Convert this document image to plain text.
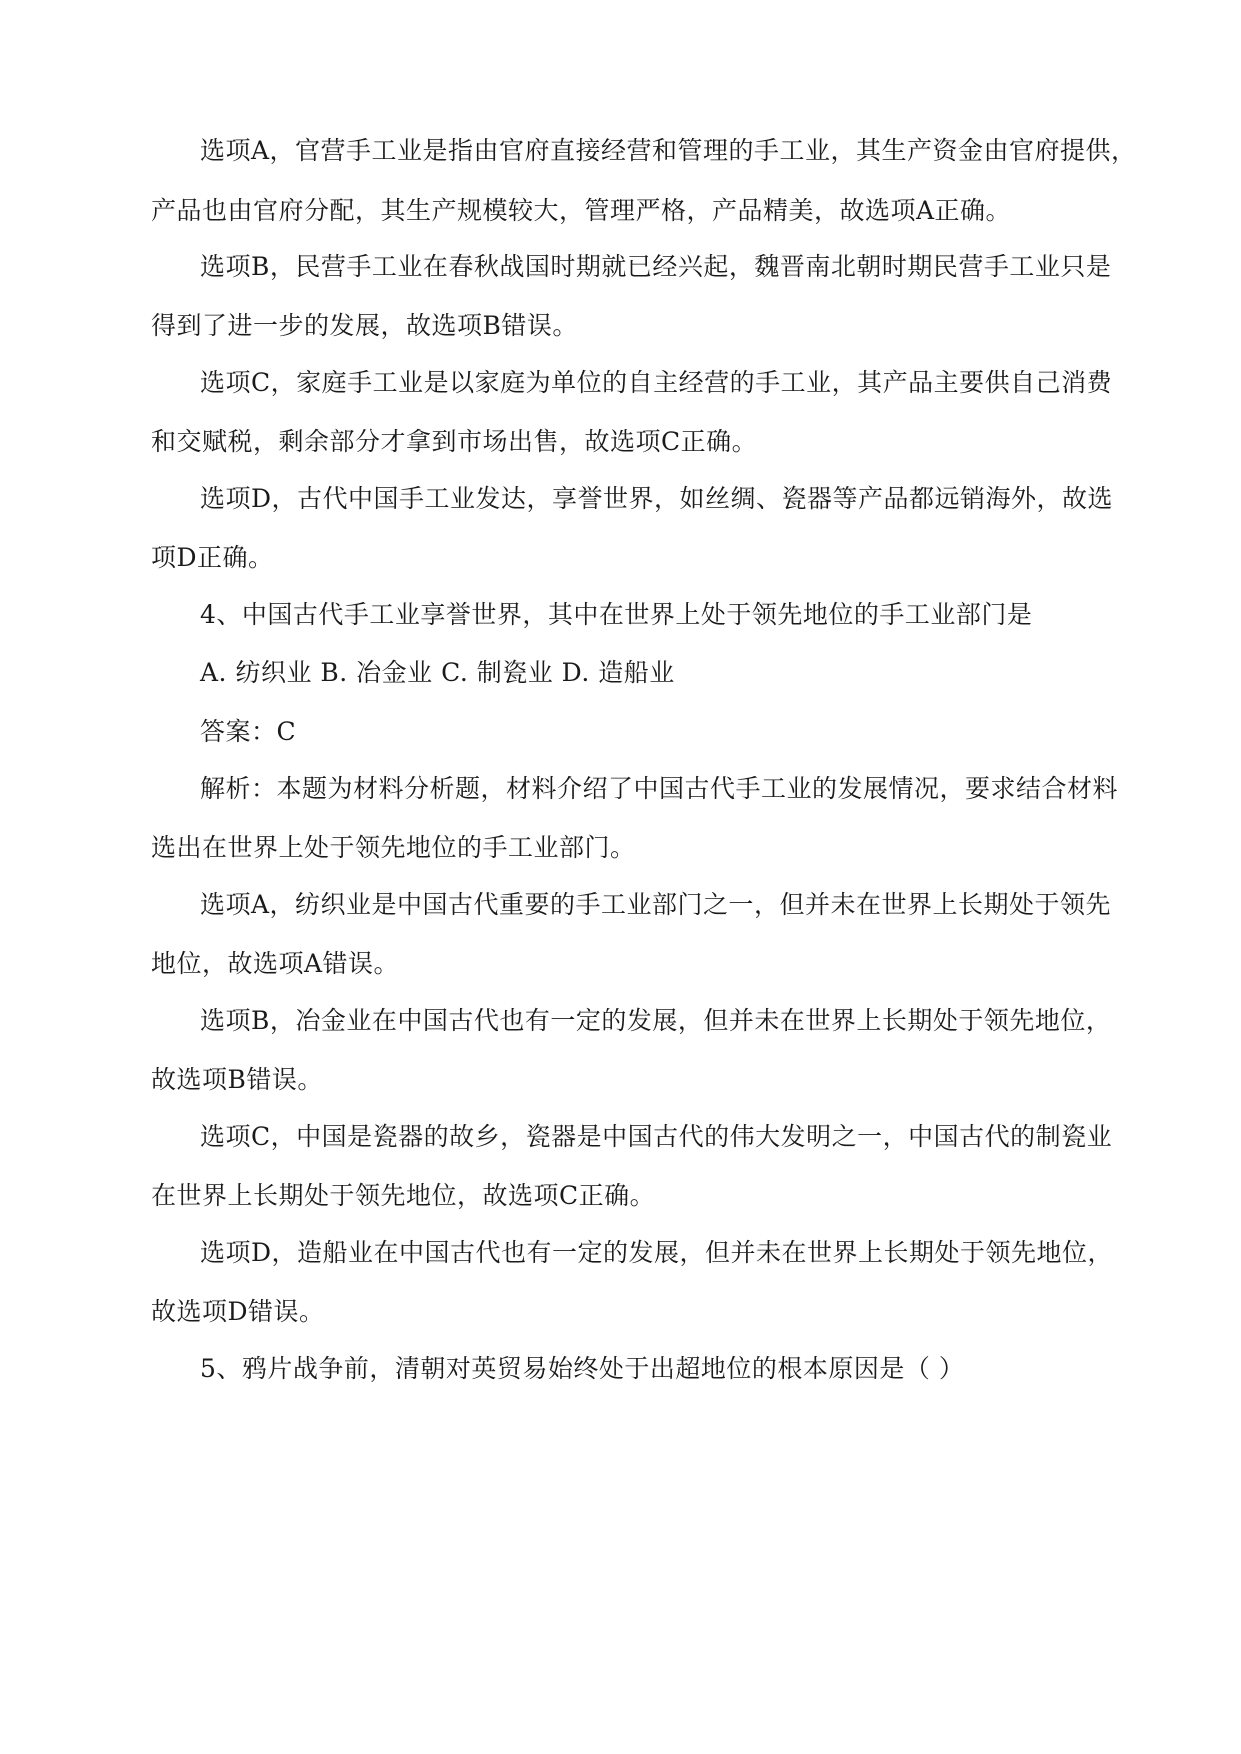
选项A，官营手工业是指由官府直接经营和管理的手工业，其生产资金由官府提供，
产品也由官府分配，其生产规模较大，管理严格，产品精美，故选项A正确。
选项B，民营手工业在春秋战国时期就已经兴起，魏晋南北朝时期民营手工业只是
得到了进一步的发展，故选项B错误。
选项C，家庭手工业是以家庭为单位的自主经营的手工业，其产品主要供自己消费
和交赋税，剩余部分才拿到市场出售，故选项C正确。
选项D，古代中国手工业发达，享誉世界，如丝绸、瓷器等产品都远销海外，故选
项D正确。
4、中国古代手工业享誉世界，其中在世界上处于领先地位的手工业部门是
A. 纺织业 B. 冶金业 C. 制瓷业 D. 造船业
答案：C
解析：本题为材料分析题，材料介绍了中国古代手工业的发展情况，要求结合材料
选出在世界上处于领先地位的手工业部门。
选项A，纺织业是中国古代重要的手工业部门之一，但并未在世界上长期处于领先
地位，故选项A错误。
选项B，冶金业在中国古代也有一定的发展，但并未在世界上长期处于领先地位，
故选项B错误。
选项C，中国是瓷器的故乡，瓷器是中国古代的伟大发明之一，中国古代的制瓷业
在世界上长期处于领先地位，故选项C正确。
选项D，造船业在中国古代也有一定的发展，但并未在世界上长期处于领先地位，
故选项D错误。
5、鸦片战争前，清朝对英贸易始终处于出超地位的根本原因是（ ）
